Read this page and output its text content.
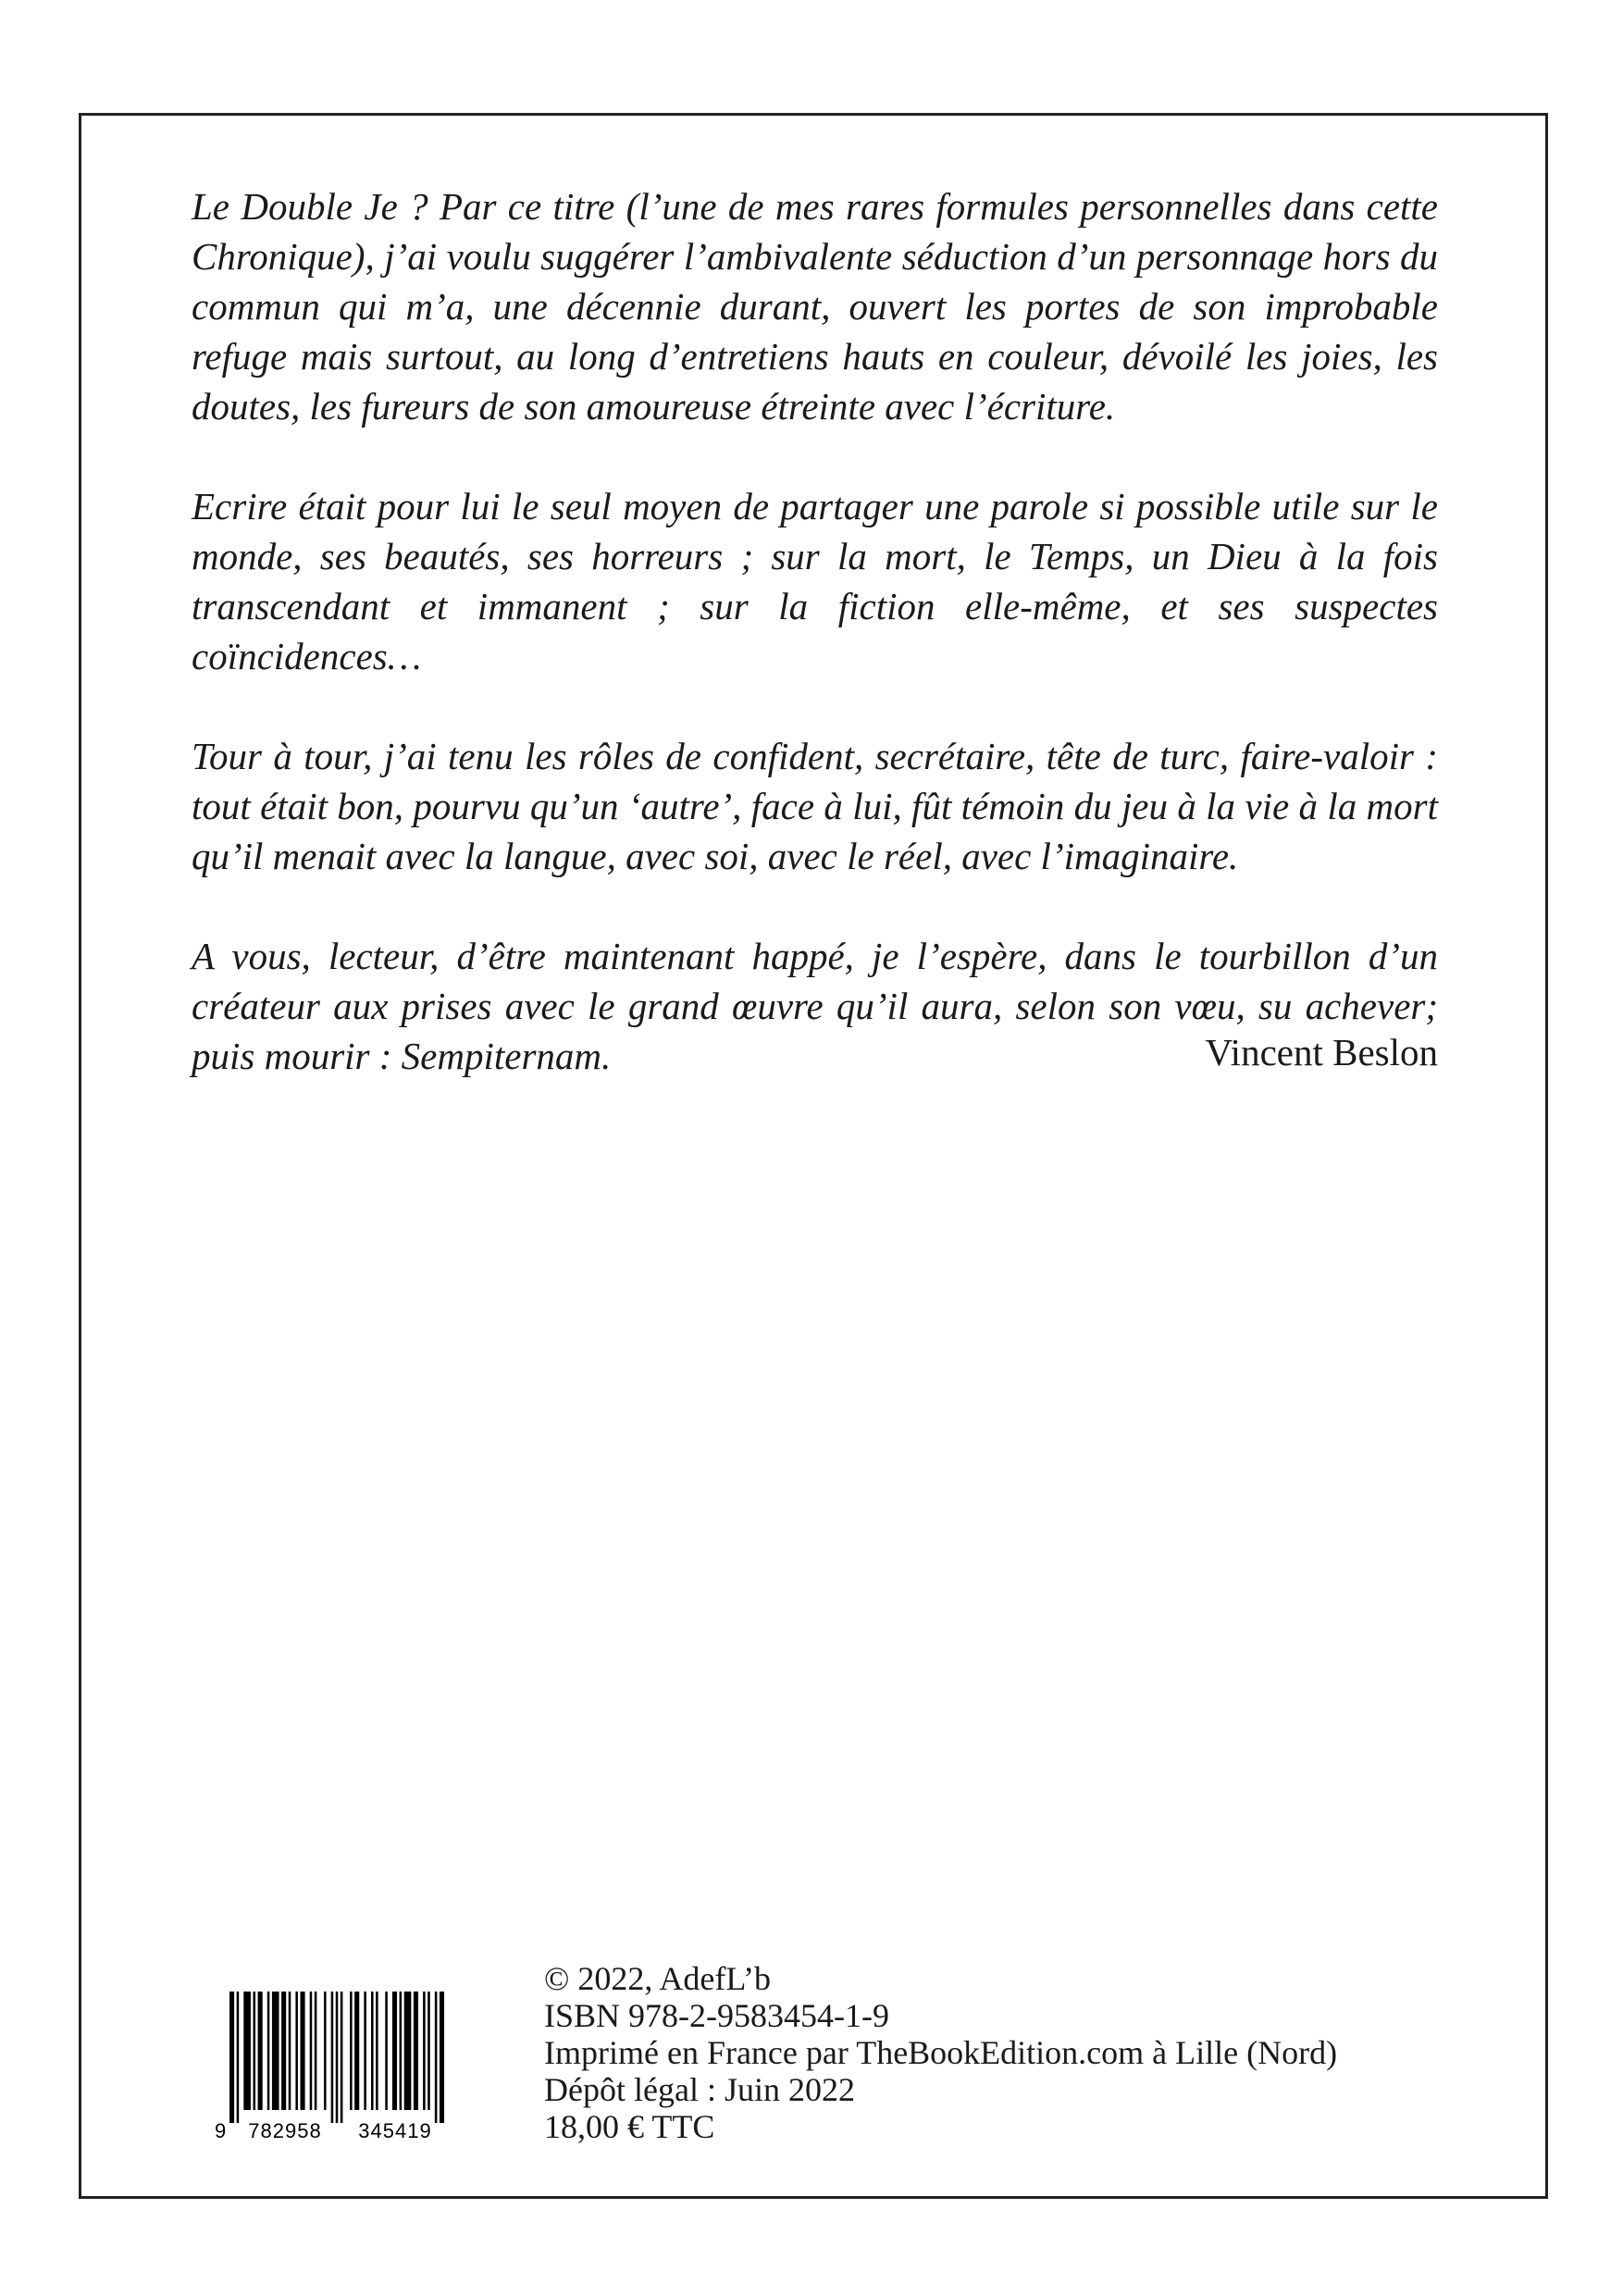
Le Double Je ? Par ce titre (l’une de mes rares formules personnelles dans cette Chronique), j’ai voulu suggérer l’ambivalente séduction d’un personnage hors du commun qui m’a, une décennie durant, ouvert les portes de son improbable refuge mais surtout, au long d’entretiens hauts en couleur, dévoilé les joies, les doutes, les fureurs de son amoureuse étreinte avec l’écriture.

Ecrire était pour lui le seul moyen de partager une parole si possible utile sur le monde, ses beautés, ses horreurs ; sur la mort, le Temps, un Dieu à la fois transcendant et immanent ; sur la fiction elle-même, et ses suspectes coïncidences…

Tour à tour, j’ai tenu les rôles de confident, secrétaire, tête de turc, faire-valoir : tout était bon, pourvu qu’un ‘autre’, face à lui, fût témoin du jeu à la vie à la mort qu’il menait avec la langue, avec soi, avec le réel, avec l’imaginaire.

A vous, lecteur, d’être maintenant happé, je l’espère, dans le tourbillon d’un créateur aux prises avec le grand œuvre qu’il aura, selon son vœu, su achever; puis mourir : Sempiternam.	Vincent Beslon
9 782958 345419
© 2022, AdefL’b
ISBN 978-2-9583454-1-9
Imprimé en France par TheBookEdition.com à Lille (Nord)
Dépôt légal : Juin 2022
18,00 € TTC
